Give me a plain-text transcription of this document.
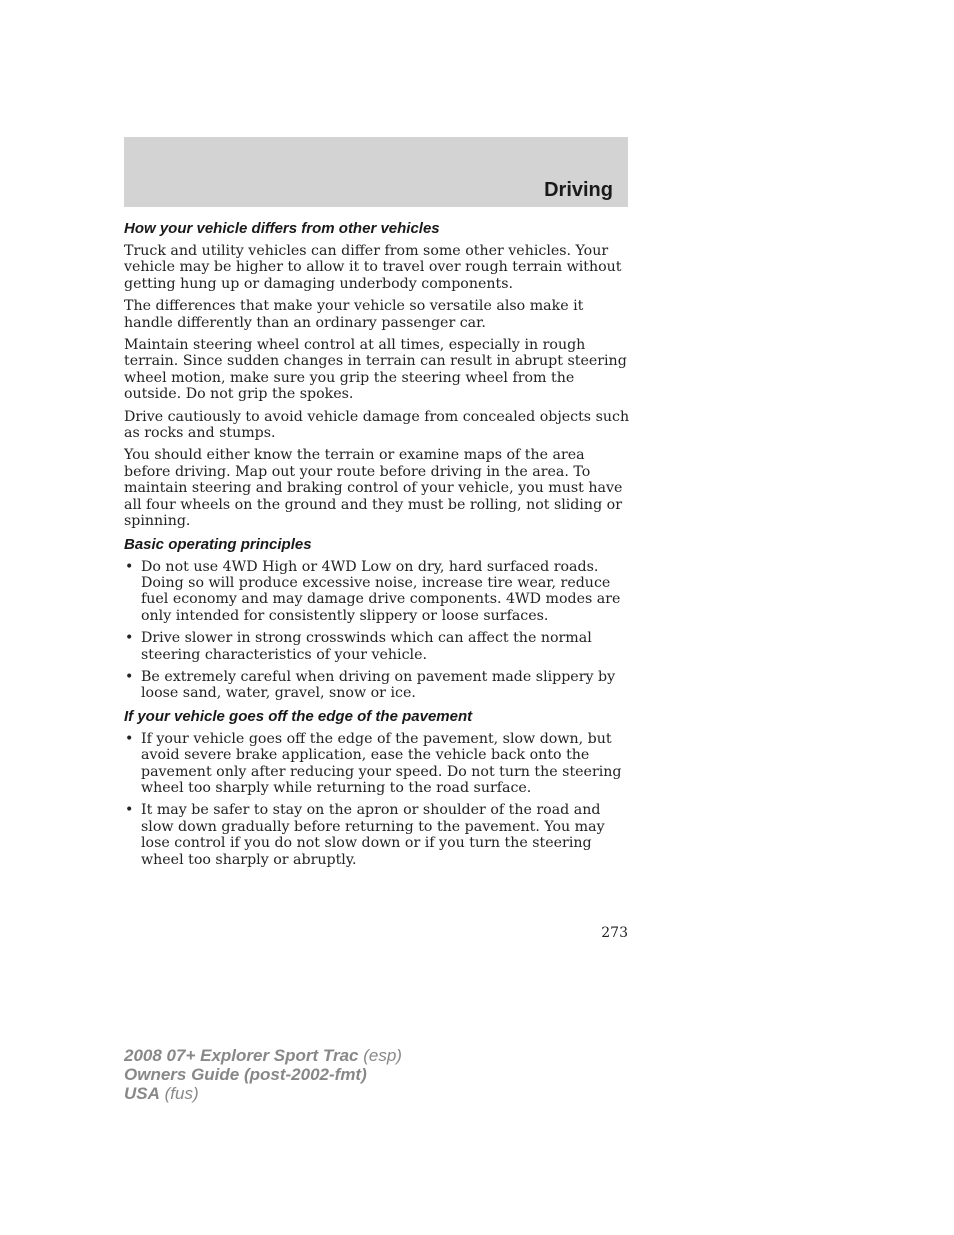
Driving
How your vehicle differs from other vehicles

Truck and utility vehicles can differ from some other vehicles. Your vehicle may be higher to allow it to travel over rough terrain without getting hung up or damaging underbody components.

The differences that make your vehicle so versatile also make it handle differently than an ordinary passenger car.

Maintain steering wheel control at all times, especially in rough terrain. Since sudden changes in terrain can result in abrupt steering wheel motion, make sure you grip the steering wheel from the outside. Do not grip the spokes.

Drive cautiously to avoid vehicle damage from concealed objects such as rocks and stumps.

You should either know the terrain or examine maps of the area before driving. Map out your route before driving in the area. To maintain steering and braking control of your vehicle, you must have all four wheels on the ground and they must be rolling, not sliding or spinning.

Basic operating principles
• Do not use 4WD High or 4WD Low on dry, hard surfaced roads. Doing so will produce excessive noise, increase tire wear, reduce fuel economy and may damage drive components. 4WD modes are only intended for consistently slippery or loose surfaces.
• Drive slower in strong crosswinds which can affect the normal steering characteristics of your vehicle.
• Be extremely careful when driving on pavement made slippery by loose sand, water, gravel, snow or ice.
If your vehicle goes off the edge of the pavement
• If your vehicle goes off the edge of the pavement, slow down, but avoid severe brake application, ease the vehicle back onto the pavement only after reducing your speed. Do not turn the steering wheel too sharply while returning to the road surface.
• It may be safer to stay on the apron or shoulder of the road and slow down gradually before returning to the pavement. You may lose control if you do not slow down or if you turn the steering wheel too sharply or abruptly.

273

2008 07+ Explorer Sport Trac (esp)
Owners Guide (post-2002-fmt)
USA (fus)
